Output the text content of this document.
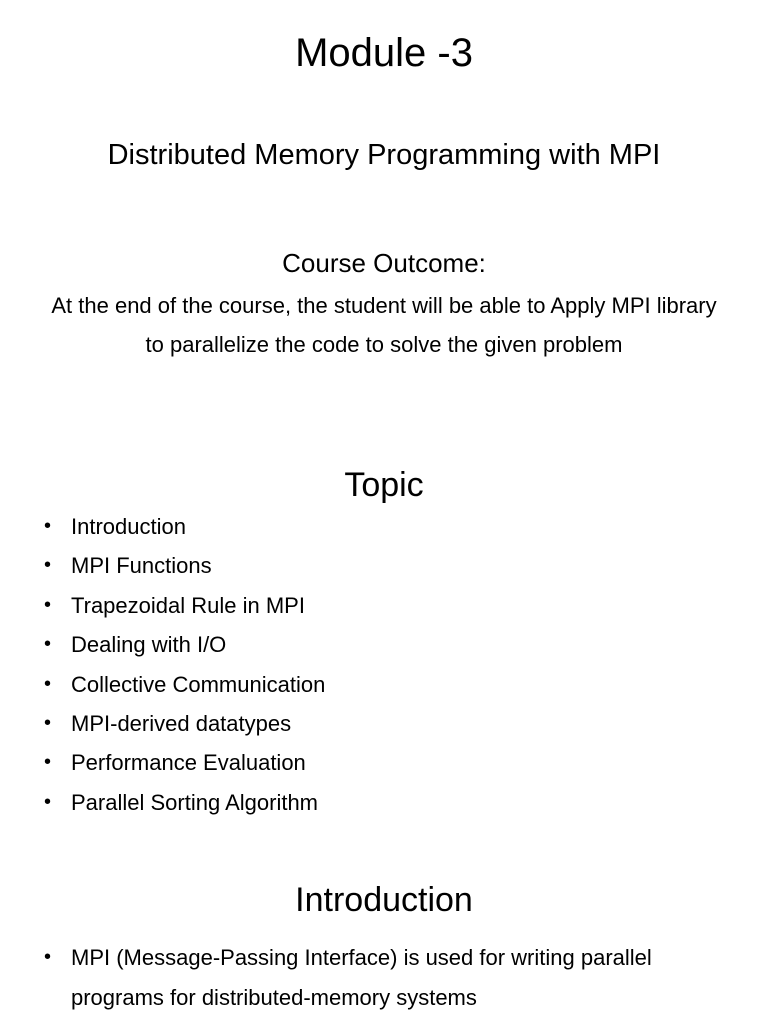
Module -3
Distributed Memory Programming with MPI
Course Outcome:

At the end of the course, the student will be able to Apply MPI library to parallelize the code to solve the given problem

Topic
• Introduction
• MPI Functions
• Trapezoidal Rule in MPI
• Dealing with I/O
• Collective Communication
• MPI-derived datatypes
• Performance Evaluation
• Parallel Sorting Algorithm
Introduction
• MPI (Message-Passing Interface) is used for writing parallel programs for distributed-memory systems
